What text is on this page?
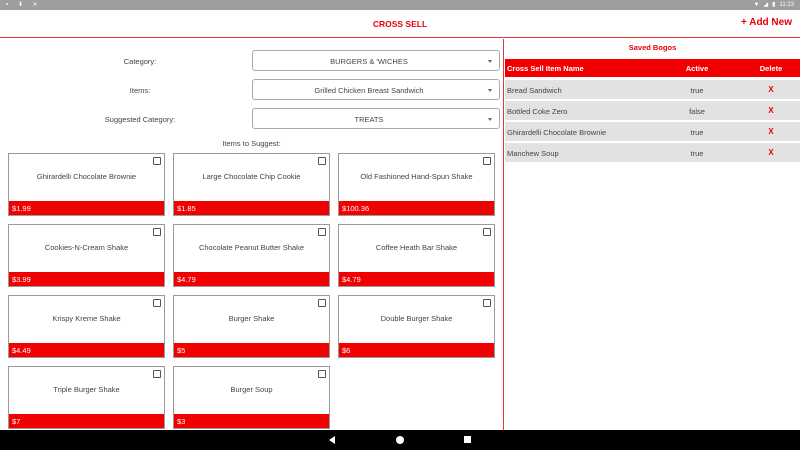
▪ ⬇ ✕	▼ ◢ ▮ 11:23
CROSS SELL	+ Add New
Category:	BURGERS & 'WICHES
Items:	Grilled Chicken Breast Sandwich
Suggested Category:	TREATS
Items to Suggest:
Ghirardelli Chocolate Brownie
$1.99
Large Chocolate Chip Cookie
$1.85
Old Fashioned Hand-Spun Shake
$100.36
Cookies-N-Cream Shake
$3.99
Chocolate Peanut Butter Shake
$4.79
Coffee Heath Bar Shake
$4.79
Krispy Kreme Shake
$4.49
Burger Shake
$5
Double Burger Shake
$6
Triple Burger Shake
$7
Burger Soup
$3
Saved Bogos
Cross Sell Item Name	Active	Delete
Bread Sandwich	true	X
Bottled Coke Zero	false	X
Ghirardelli Chocolate Brownie	true	X
Manchew Soup	true	X
